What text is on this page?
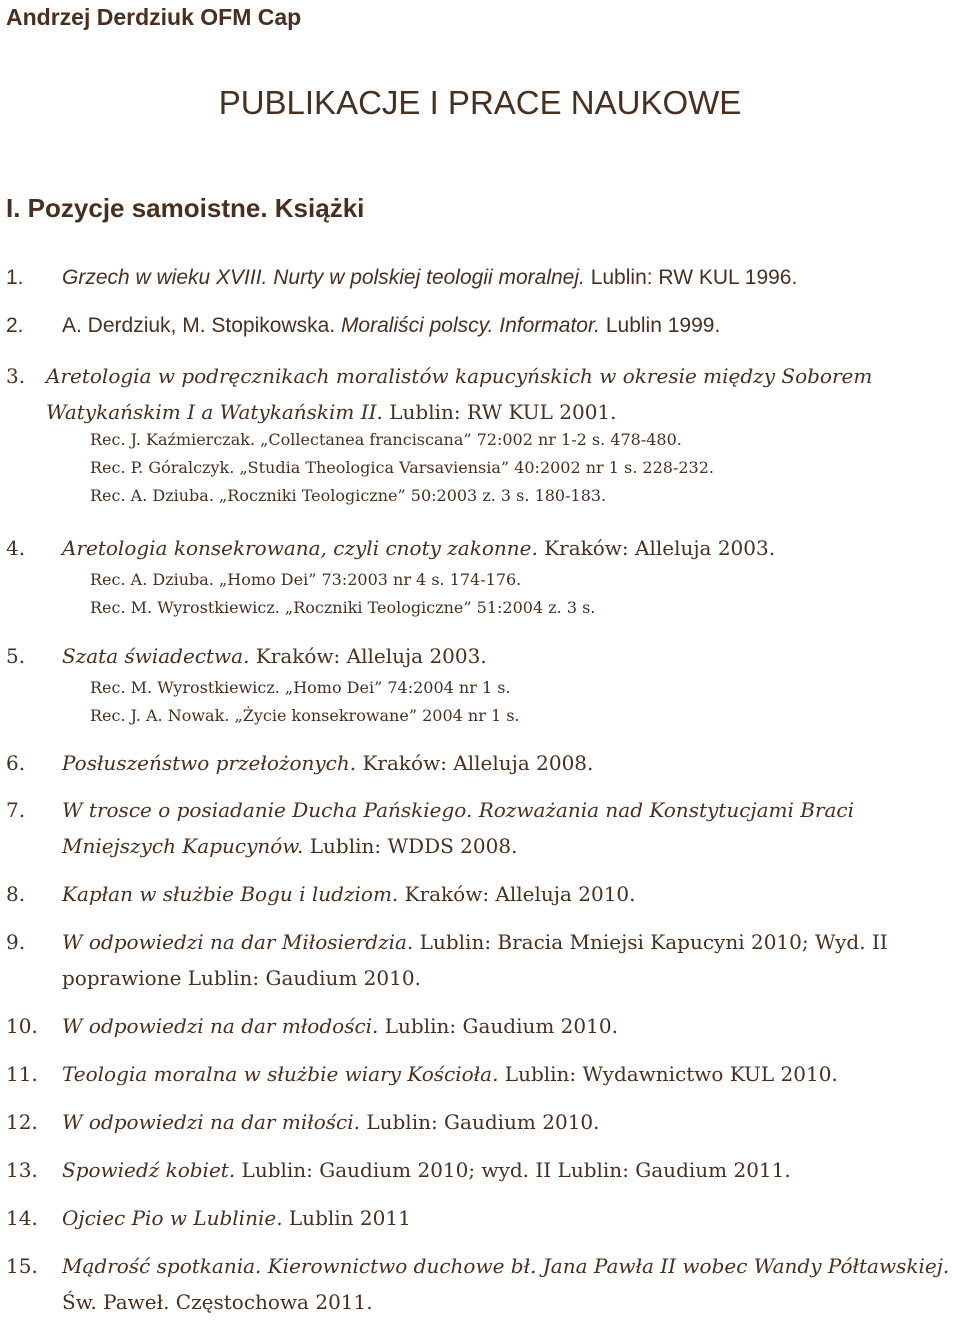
Andrzej Derdziuk OFM Cap
PUBLIKACJE I PRACE NAUKOWE
I. Pozycje samoistne. Książki
1. Grzech w wieku XVIII. Nurty w polskiej teologii moralnej. Lublin: RW KUL 1996.
2. A. Derdziuk, M. Stopikowska. Moraliści polscy. Informator. Lublin 1999.
3. Aretologia w podręcznikach moralistów kapucyńskich w okresie między Soborem Watykańskim I a Watykańskim II. Lublin: RW KUL 2001.
Rec. J. Kaźmierczak. „Collectanea franciscana” 72:002 nr 1-2 s. 478-480.
Rec. P. Góralczyk. „Studia Theologica Varsaviensia” 40:2002 nr 1 s. 228-232.
Rec. A. Dziuba. „Roczniki Teologiczne” 50:2003 z. 3 s. 180-183.
4. Aretologia konsekrowana, czyli cnoty zakonne. Kraków: Alleluja 2003.
Rec. A. Dziuba. „Homo Dei” 73:2003 nr 4 s. 174-176.
Rec. M. Wyrostkiewicz. „Roczniki Teologiczne” 51:2004 z. 3 s.
5. Szata świadectwa. Kraków: Alleluja 2003.
Rec. M. Wyrostkiewicz. „Homo Dei” 74:2004 nr 1 s.
Rec. J. A. Nowak. „Życie konsekrowane” 2004 nr 1 s.
6. Posłuszeństwo przełożonych. Kraków: Alleluja 2008.
7. W trosce o posiadanie Ducha Pańskiego. Rozważania nad Konstytucjami Braci Mniejszych Kapucynów. Lublin: WDDS 2008.
8. Kapłan w służbie Bogu i ludziom. Kraków: Alleluja 2010.
9. W odpowiedzi na dar Miłosierdzia. Lublin: Bracia Mniejsi Kapucyni 2010; Wyd. II poprawione Lublin: Gaudium 2010.
10. W odpowiedzi na dar młodości. Lublin: Gaudium 2010.
11. Teologia moralna w służbie wiary Kościoła. Lublin: Wydawnictwo KUL 2010.
12. W odpowiedzi na dar miłości. Lublin: Gaudium 2010.
13. Spowiedź kobiet. Lublin: Gaudium 2010; wyd. II Lublin: Gaudium 2011.
14. Ojciec Pio w Lublinie. Lublin 2011
15. Mądrość spotkania. Kierownictwo duchowe bł. Jana Pawła II wobec Wandy Półtawskiej. Św. Paweł. Częstochowa 2011.
